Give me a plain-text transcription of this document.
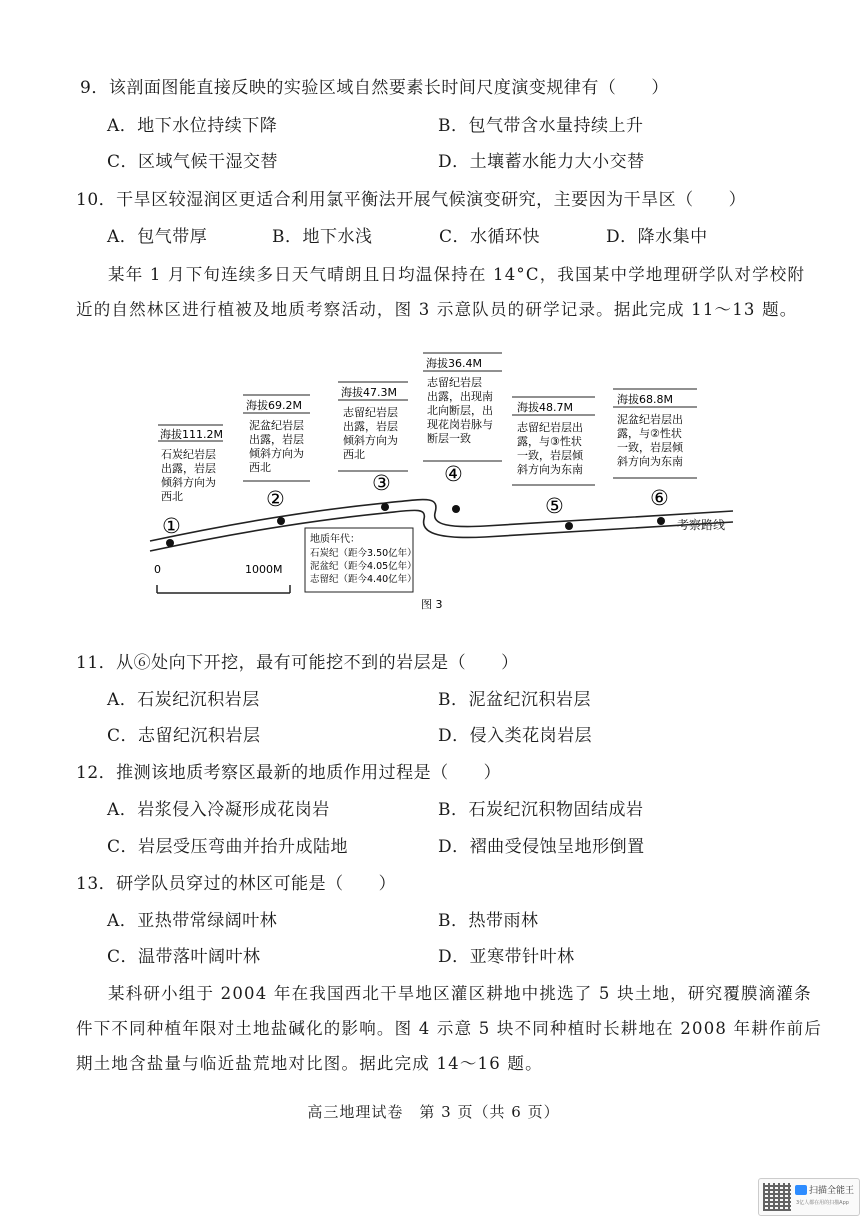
9．该剖面图能直接反映的实验区域自然要素长时间尺度演变规律有（　　）
A．地下水位持续下降	B．包气带含水量持续上升
C．区域气候干湿交替	D．土壤蓄水能力大小交替
10．干旱区较湿润区更适合利用氯平衡法开展气候演变研究，主要因为干旱区（　　）
A．包气带厚	B．地下水浅	C．水循环快	D．降水集中
某年 1 月下旬连续多日天气晴朗且日均温保持在 14°C，我国某中学地理研学队对学校附
近的自然林区进行植被及地质考察活动，图 3 示意队员的研学记录。据此完成 11～13 题。
考察路线
海拔111.2M
石炭纪岩层 出露，岩层 倾斜方向为 西北
①
海拔69.2M
泥盆纪岩层 出露，岩层 倾斜方向为 西北
②
海拔47.3M
志留纪岩层 出露，岩层 倾斜方向为 西北
③
海拔36.4M
志留纪岩层 出露，出现南 北向断层，出 现花岗岩脉与 断层一致
④
海拔48.7M
志留纪岩层出 露，与③性状 一致，岩层倾 斜方向为东南
⑤
海拔68.8M
泥盆纪岩层出 露，与②性状 一致，岩层倾 斜方向为东南
⑥
地质年代：
石炭纪（距今3.50亿年）
泥盆纪（距今4.05亿年）
志留纪（距今4.40亿年）
0	1000M
图 3
11．从⑥处向下开挖，最有可能挖不到的岩层是（　　）
A．石炭纪沉积岩层	B．泥盆纪沉积岩层
C．志留纪沉积岩层	D．侵入类花岗岩层
12．推测该地质考察区最新的地质作用过程是（　　）
A．岩浆侵入冷凝形成花岗岩	B．石炭纪沉积物固结成岩
C．岩层受压弯曲并抬升成陆地	D．褶曲受侵蚀呈地形倒置
13．研学队员穿过的林区可能是（　　）
A．亚热带常绿阔叶林	B．热带雨林
C．温带落叶阔叶林	D．亚寒带针叶林
某科研小组于 2004 年在我国西北干旱地区灌区耕地中挑选了 5 块土地，研究覆膜滴灌条
件下不同种植年限对土地盐碱化的影响。图 4 示意 5 块不同种植时长耕地在 2008 年耕作前后
期土地含盐量与临近盐荒地对比图。据此完成 14～16 题。
高三地理试卷　第 3 页（共 6 页）
扫描全能王
3亿人都在用的扫描App
